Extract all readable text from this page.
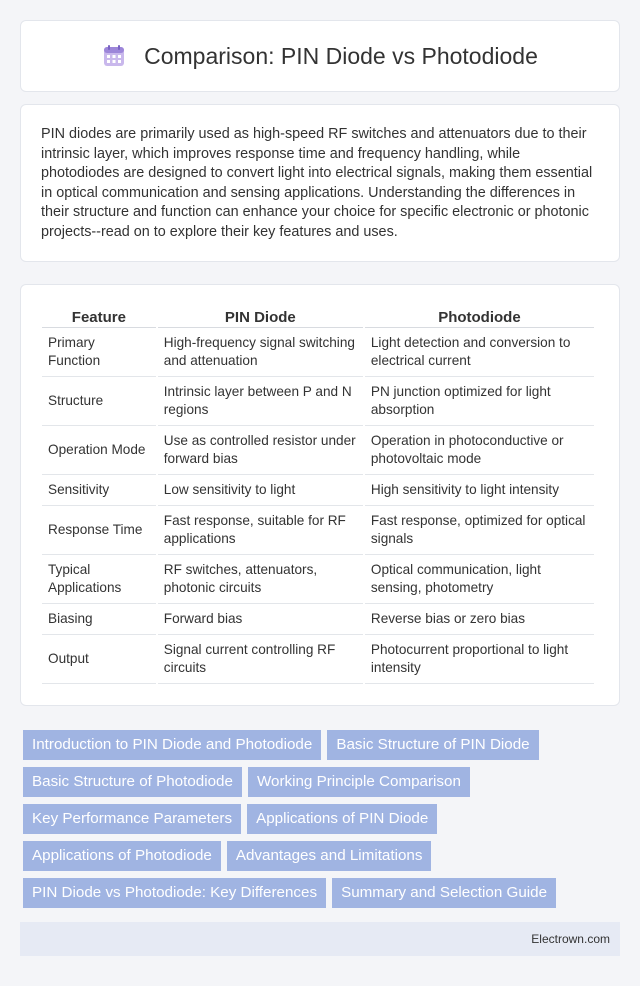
Comparison: PIN Diode vs Photodiode

PIN diodes are primarily used as high-speed RF switches and attenuators due to their intrinsic layer, which improves response time and frequency handling, while photodiodes are designed to convert light into electrical signals, making them essential in optical communication and sensing applications. Understanding the differences in their structure and function can enhance your choice for specific electronic or photonic projects--read on to explore their key features and uses.

Feature	PIN Diode	Photodiode
Primary Function	High-frequency signal switching and attenuation	Light detection and conversion to electrical current
Structure	Intrinsic layer between P and N regions	PN junction optimized for light absorption
Operation Mode	Use as controlled resistor under forward bias	Operation in photoconductive or photovoltaic mode
Sensitivity	Low sensitivity to light	High sensitivity to light intensity
Response Time	Fast response, suitable for RF applications	Fast response, optimized for optical signals
Typical Applications	RF switches, attenuators, photonic circuits	Optical communication, light sensing, photometry
Biasing	Forward bias	Reverse bias or zero bias
Output	Signal current controlling RF circuits	Photocurrent proportional to light intensity
Introduction to PIN Diode and Photodiode	Basic Structure of PIN Diode
Basic Structure of Photodiode	Working Principle Comparison
Key Performance Parameters	Applications of PIN Diode
Applications of Photodiode	Advantages and Limitations
PIN Diode vs Photodiode: Key Differences	Summary and Selection Guide
Electrown.com
